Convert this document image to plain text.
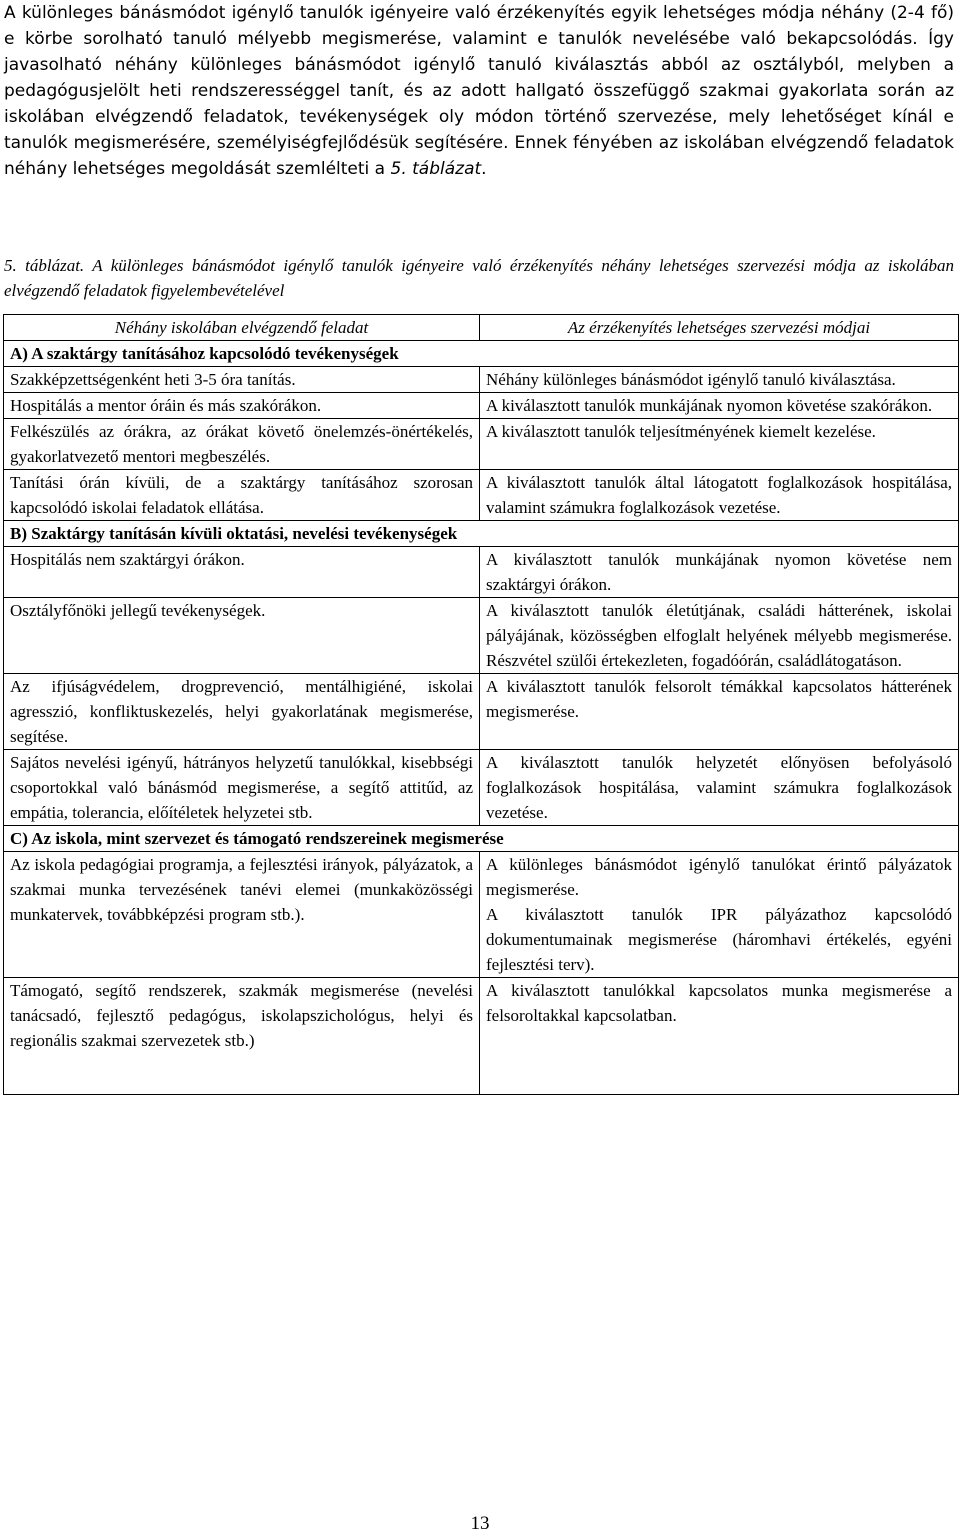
A különleges bánásmódot igénylő tanulók igényeire való érzékenyítés egyik lehetséges módja néhány (2-4 fő) e körbe sorolható tanuló mélyebb megismerése, valamint e tanulók nevelésébe való bekapcsolódás. Így javasolható néhány különleges bánásmódot igénylő tanuló kiválasztás abból az osztályból, melyben a pedagógusjelölt heti rendszerességgel tanít, és az adott hallgató összefüggő szakmai gyakorlata során az iskolában elvégzendő feladatok, tevékenységek oly módon történő szervezése, mely lehetőséget kínál e tanulók megismerésére, személyiségfejlődésük segítésére. Ennek fényében az iskolában elvégzendő feladatok néhány lehetséges megoldását szemlélteti a 5. táblázat.

5. táblázat. A különleges bánásmódot igénylő tanulók igényeire való érzékenyítés néhány lehetséges szervezési módja az iskolában elvégzendő feladatok figyelembevételével

Néhány iskolában elvégzendő feladat	Az érzékenyítés lehetséges szervezési módjai
A) A szaktárgy tanításához kapcsolódó tevékenységek	
Szakképzettségenként heti 3-5 óra tanítás.	Néhány különleges bánásmódot igénylő tanuló kiválasztása.
Hospitálás a mentor óráin és más szakórákon.	A kiválasztott tanulók munkájának nyomon követése szakórákon.
Felkészülés az órákra, az órákat követő önelemzés-önértékelés, gyakorlatvezető mentori megbeszélés.	A kiválasztott tanulók teljesítményének kiemelt kezelése.
Tanítási órán kívüli, de a szaktárgy tanításához szorosan kapcsolódó iskolai feladatok ellátása.	A kiválasztott tanulók által látogatott foglalkozások hospitálása, valamint számukra foglalkozások vezetése.
B) Szaktárgy tanításán kívüli oktatási, nevelési tevékenységek	
Hospitálás nem szaktárgyi órákon.	A kiválasztott tanulók munkájának nyomon követése nem szaktárgyi órákon.
Osztályfőnöki jellegű tevékenységek.	A kiválasztott tanulók életútjának, családi hátterének, iskolai pályájának, közösségben elfoglalt helyének mélyebb megismerése. Részvétel szülői értekezleten, fogadóórán, családlátogatáson.
Az ifjúságvédelem, drogprevenció, mentálhigiéné, iskolai agresszió, konfliktuskezelés, helyi gyakorlatának megismerése, segítése.	A kiválasztott tanulók felsorolt témákkal kapcsolatos hátterének megismerése.
Sajátos nevelési igényű, hátrányos helyzetű tanulókkal, kisebbségi csoportokkal való bánásmód megismerése, a segítő attitűd, az empátia, tolerancia, előítéletek helyzetei stb.	A kiválasztott tanulók helyzetét előnyösen befolyásoló foglalkozások hospitálása, valamint számukra foglalkozások vezetése.
C) Az iskola, mint szervezet és támogató rendszereinek megismerése	
Az iskola pedagógiai programja, a fejlesztési irányok, pályázatok, a szakmai munka tervezésének tanévi elemei (munkaközösségi munkatervek, továbbképzési program stb.).	A különleges bánásmódot igénylő tanulókat érintő pályázatok megismerése.
A kiválasztott tanulók IPR pályázathoz kapcsolódó dokumentumainak megismerése (háromhavi értékelés, egyéni fejlesztési terv).
Támogató, segítő rendszerek, szakmák megismerése (nevelési tanácsadó, fejlesztő pedagógus, iskolapszichológus, helyi és regionális szakmai szervezetek stb.)	A kiválasztott tanulókkal kapcsolatos munka megismerése a felsoroltakkal kapcsolatban.
13
